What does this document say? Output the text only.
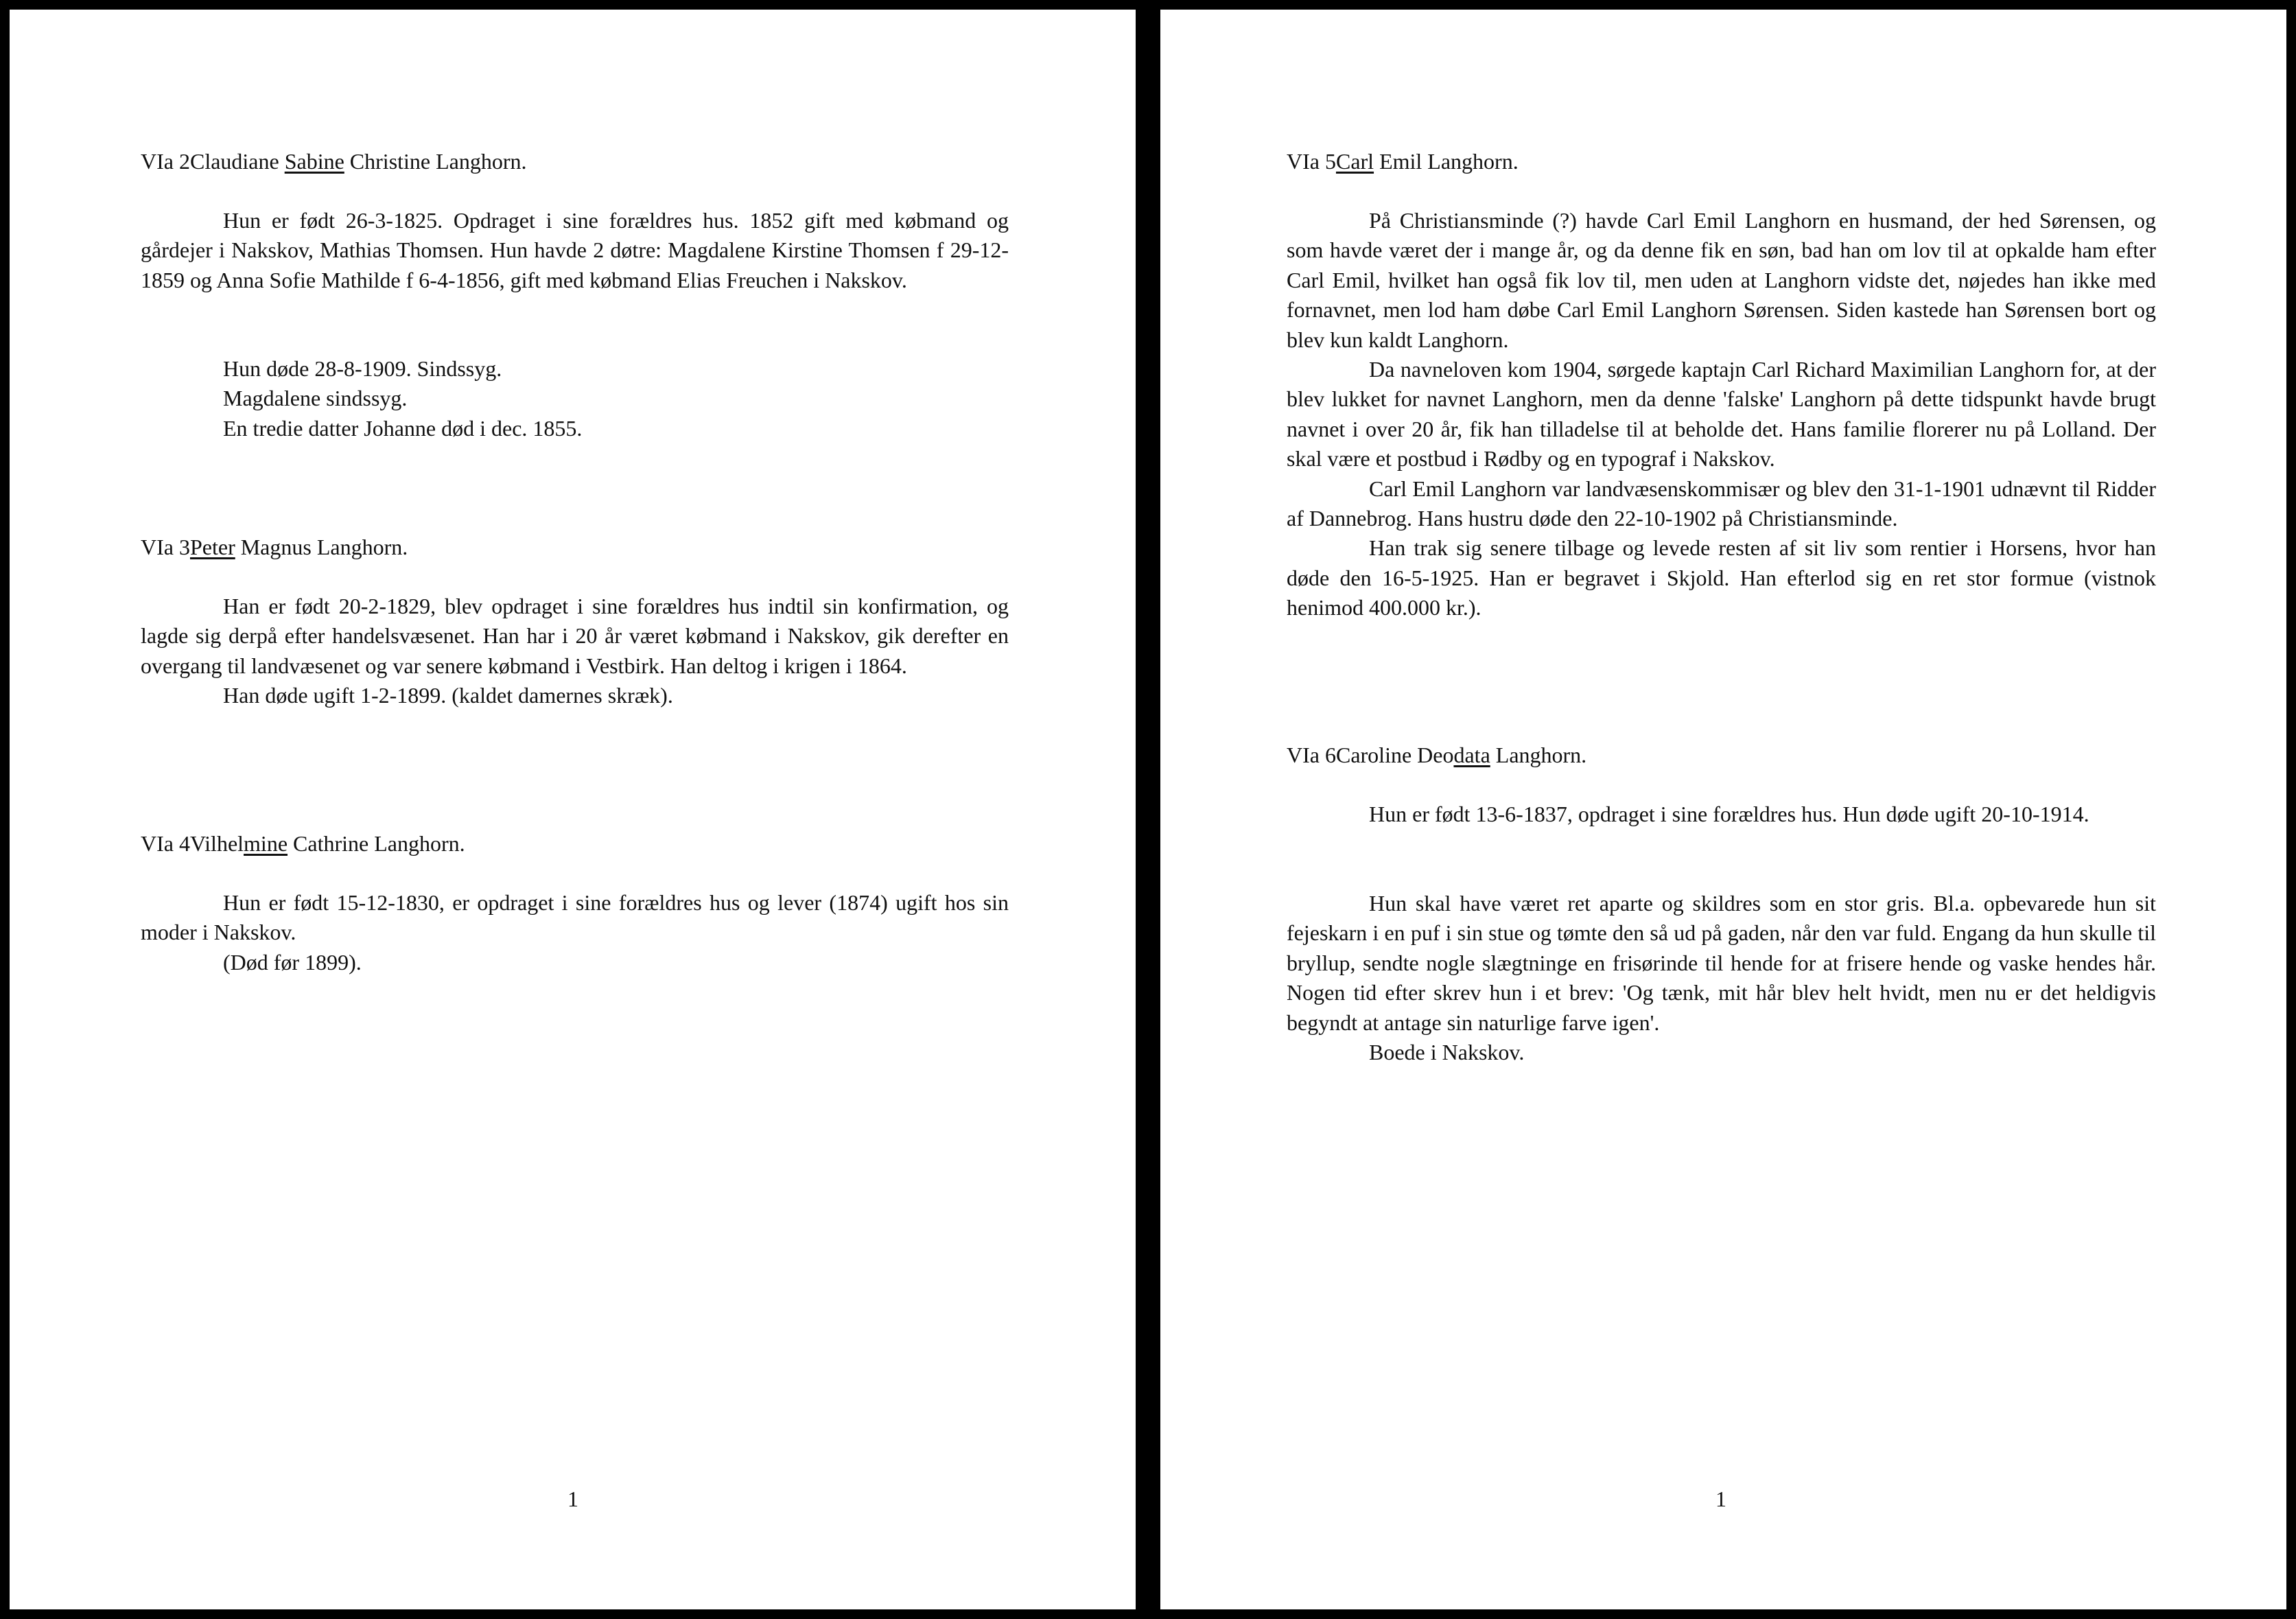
VIa 2Claudiane Sabine Christine Langhorn.

Hun er født 26-3-1825. Opdraget i sine forældres hus. 1852 gift med købmand og gårdejer i Nakskov, Mathias Thomsen. Hun havde 2 døtre: Magdalene Kirstine Thomsen f 29-12-1859 og Anna Sofie Mathilde f 6-4-1856, gift med købmand Elias Freuchen i Nakskov.

Hun døde 28-8-1909. Sindssyg.

Magdalene sindssyg.

En tredie datter Johanne død i dec. 1855.

VIa 3Peter Magnus Langhorn.

Han er født 20-2-1829, blev opdraget i sine forældres hus indtil sin konfirmation, og lagde sig derpå efter handelsvæsenet. Han har i 20 år været købmand i Nakskov, gik derefter en overgang til landvæsenet og var senere købmand i Vestbirk. Han deltog i krigen i 1864.

Han døde ugift 1-2-1899. (kaldet damernes skræk).

VIa 4Vilhelmine Cathrine Langhorn.

Hun er født 15-12-1830, er opdraget i sine forældres hus og lever (1874) ugift hos sin moder i Nakskov.

(Død før 1899).

1
VIa 5Carl Emil Langhorn.

På Christiansminde (?) havde Carl Emil Langhorn en husmand, der hed Sørensen, og som havde været der i mange år, og da denne fik en søn, bad han om lov til at opkalde ham efter Carl Emil, hvilket han også fik lov til, men uden at Langhorn vidste det, nøjedes han ikke med fornavnet, men lod ham døbe Carl Emil Langhorn Sørensen. Siden kastede han Sørensen bort og blev kun kaldt Langhorn.

Da navneloven kom 1904, sørgede kaptajn Carl Richard Maximilian Langhorn for, at der blev lukket for navnet Langhorn, men da denne 'falske' Langhorn på dette tidspunkt havde brugt navnet i over 20 år, fik han tilladelse til at beholde det. Hans familie florerer nu på Lolland. Der skal være et postbud i Rødby og en typograf i Nakskov.

Carl Emil Langhorn var landvæsenskommisær og blev den 31-1-1901 udnævnt til Ridder af Dannebrog. Hans hustru døde den 22-10-1902 på Christiansminde.

Han trak sig senere tilbage og levede resten af sit liv som rentier i Horsens, hvor han døde den 16-5-1925. Han er begravet i Skjold. Han efterlod sig en ret stor formue (vistnok henimod 400.000 kr.).

VIa 6Caroline Deodata Langhorn.

Hun er født 13-6-1837, opdraget i sine forældres hus. Hun døde ugift 20-10-1914.

Hun skal have været ret aparte og skildres som en stor gris. Bl.a. opbevarede hun sit fejeskarn i en puf i sin stue og tømte den så ud på gaden, når den var fuld. Engang da hun skulle til bryllup, sendte nogle slægtninge en frisørinde til hende for at frisere hende og vaske hendes hår. Nogen tid efter skrev hun i et brev: 'Og tænk, mit hår blev helt hvidt, men nu er det heldigvis begyndt at antage sin naturlige farve igen'.

Boede i Nakskov.

1
